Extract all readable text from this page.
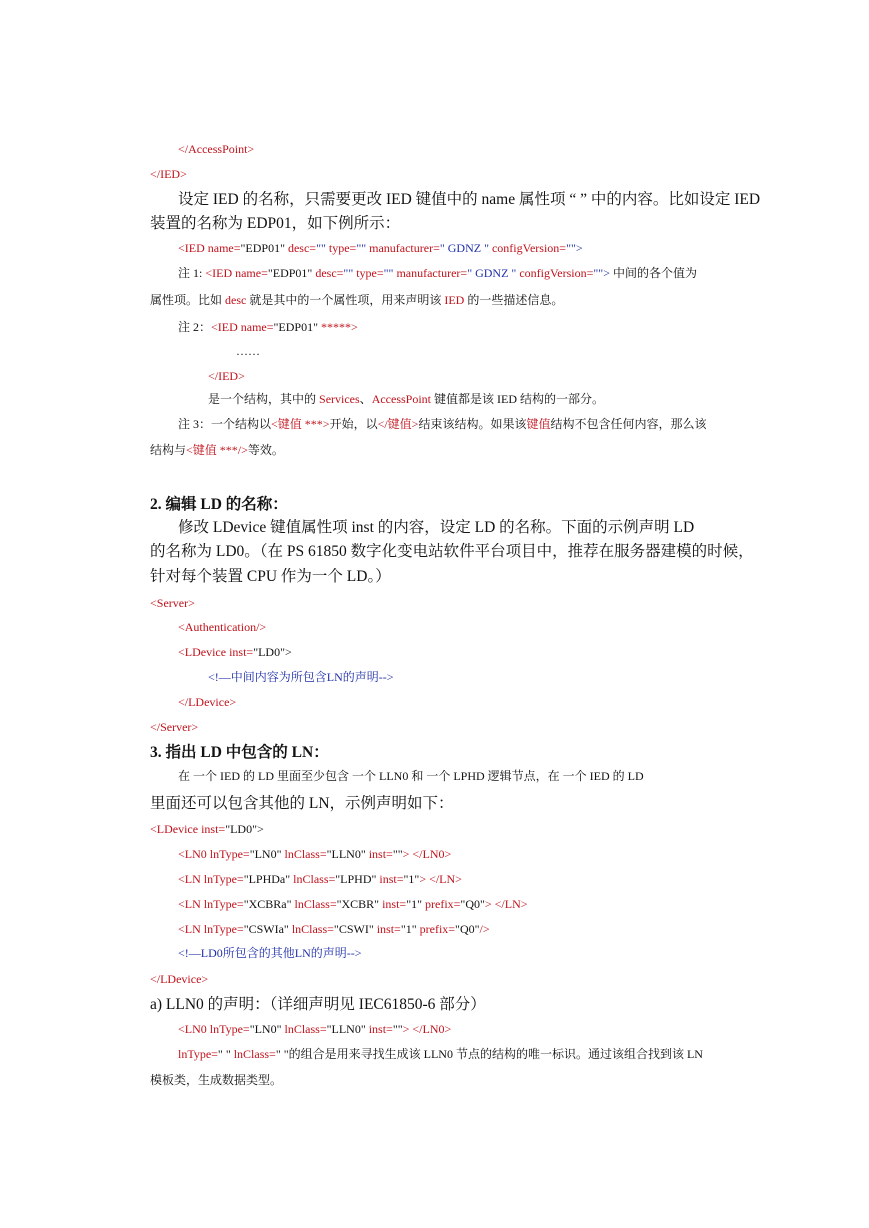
</AccessPoint>
</IED>
设定 IED 的名称，只需要更改 IED 键值中的 name 属性项 “ ” 中的内容。比如设定 IED
装置的名称为 EDP01，如下例所示：
<IED name="EDP01" desc="" type="" manufacturer=" GDNZ " configVersion="">
注 1: <IED name="EDP01" desc="" type="" manufacturer=" GDNZ " configVersion=""> 中间的各个值为
属性项。比如 desc 就是其中的一个属性项，用来声明该 IED 的一些描述信息。
注 2：<IED name="EDP01" *****>
……
</IED>
是一个结构，其中的 Services、AccessPoint 键值都是该 IED 结构的一部分。
注 3：一个结构以<键值 ***>开始，以</键值>结束该结构。如果该键值结构不包含任何内容，那么该
结构与<键值 ***/>等效。
2. 编辑 LD 的名称：
修改 LDevice 键值属性项 inst 的内容，设定 LD 的名称。下面的示例声明 LD
的名称为 LD0。（在 PS 61850 数字化变电站软件平台项目中，推荐在服务器建模的时候，
针对每个装置 CPU 作为一个 LD。）
<Server>
<Authentication/>
<LDevice inst="LD0">
<!—中间内容为所包含LN的声明-->
</LDevice>
</Server>
3. 指出 LD 中包含的 LN：
在 一个 IED 的 LD 里面至少包含 一个 LLN0 和 一个 LPHD 逻辑节点，在 一个 IED 的 LD
里面还可以包含其他的 LN，示例声明如下：
<LDevice inst="LD0">
<LN0 lnType="LN0" lnClass="LLN0" inst=""> </LN0>
<LN lnType="LPHDa" lnClass="LPHD" inst="1"> </LN>
<LN lnType="XCBRa" lnClass="XCBR" inst="1" prefix="Q0"> </LN>
<LN lnType="CSWIa" lnClass="CSWI" inst="1" prefix="Q0"/>
<!—LD0所包含的其他LN的声明-->
</LDevice>
a) LLN0 的声明：（详细声明见 IEC61850-6 部分）
<LN0 lnType="LN0" lnClass="LLN0" inst=""> </LN0>
lnType=" " lnClass=" "的组合是用来寻找生成该 LLN0 节点的结构的唯一标识。通过该组合找到该 LN
模板类，生成数据类型。
